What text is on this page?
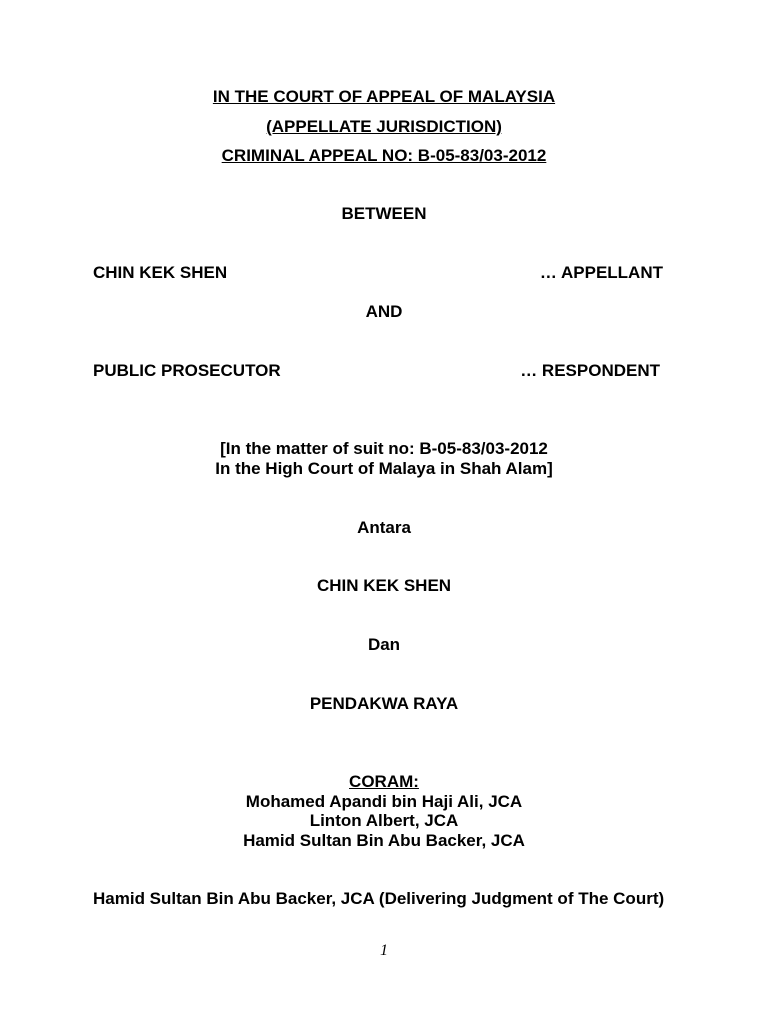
IN THE COURT OF APPEAL OF MALAYSIA
(APPELLATE JURISDICTION)
CRIMINAL APPEAL NO: B-05-83/03-2012
BETWEEN
CHIN KEK SHEN	… APPELLANT
AND
PUBLIC PROSECUTOR	… RESPONDENT
[In the matter of suit no: B-05-83/03-2012
In the High Court of Malaya in Shah Alam]
Antara
CHIN KEK SHEN
Dan
PENDAKWA RAYA
CORAM:
Mohamed Apandi bin Haji Ali, JCA
Linton Albert, JCA
Hamid Sultan Bin Abu Backer, JCA
Hamid Sultan Bin Abu Backer, JCA (Delivering Judgment of The Court)
1
